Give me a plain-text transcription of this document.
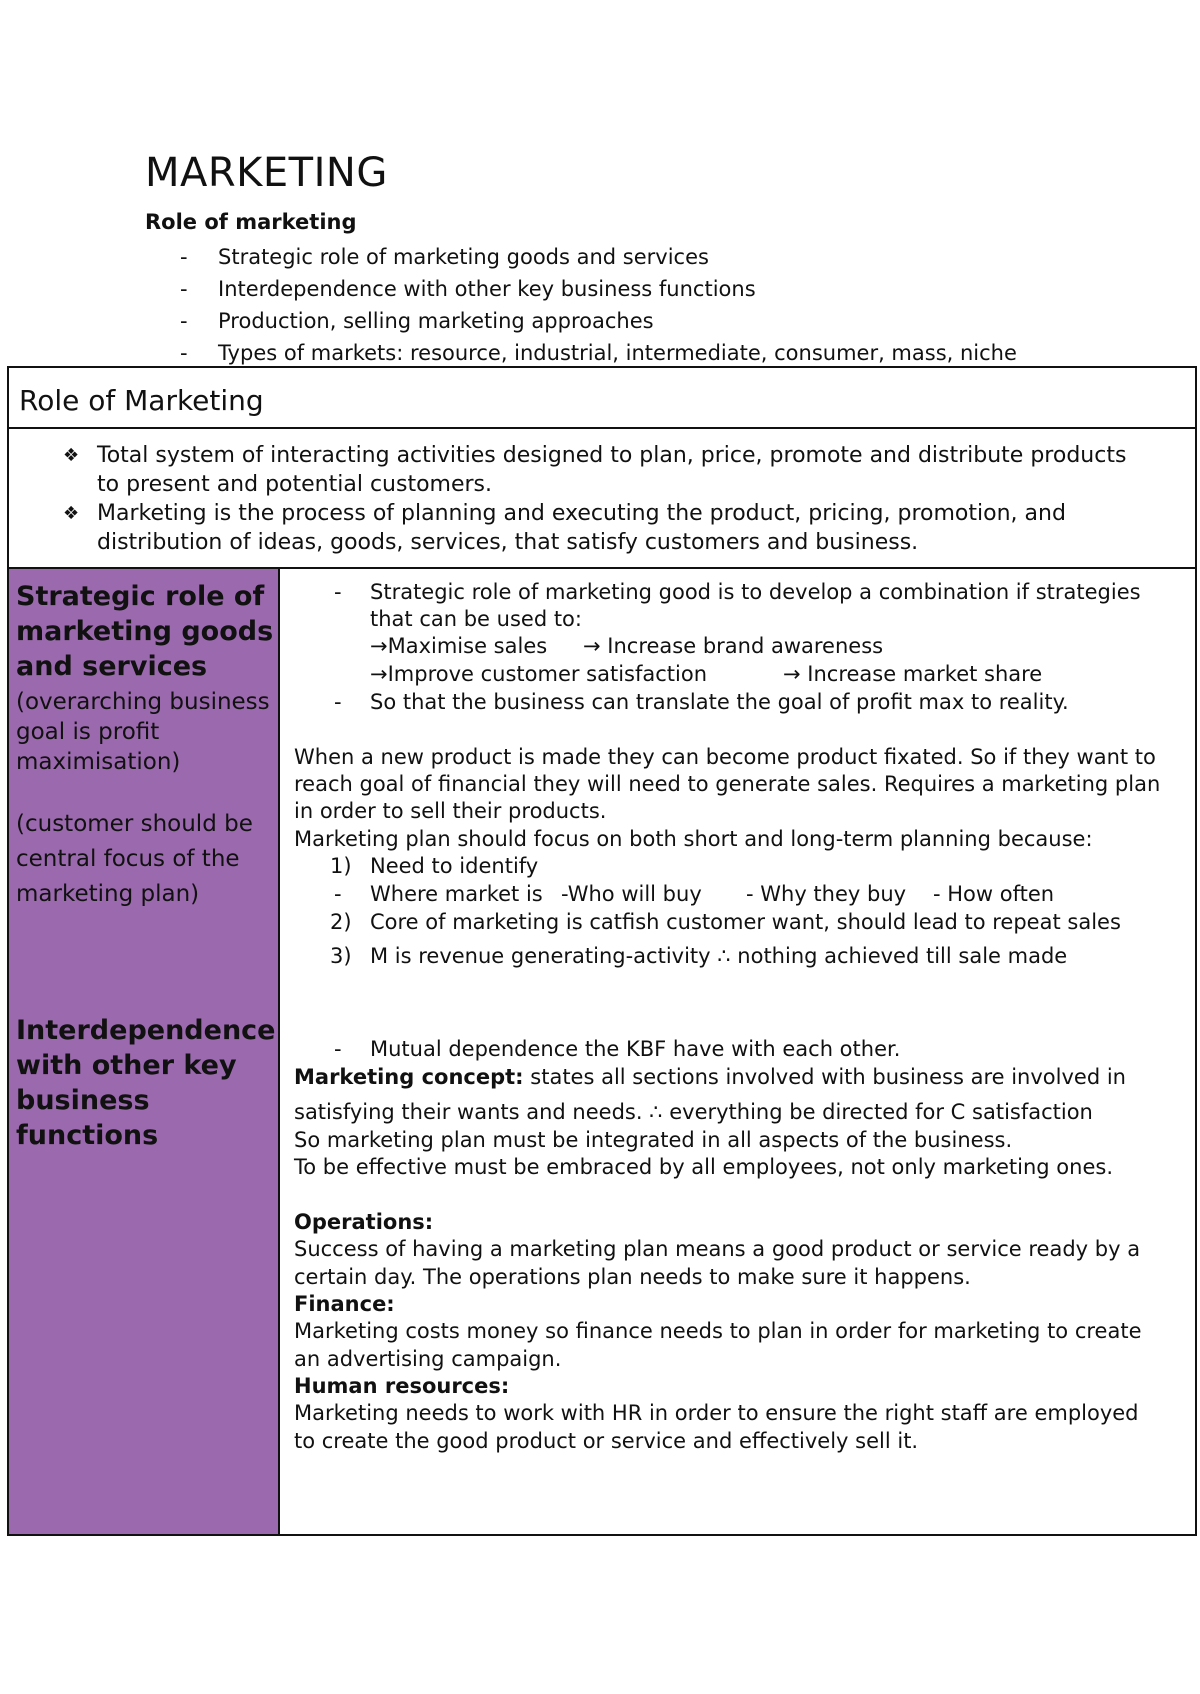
MARKETING
Role of marketing
- Strategic role of marketing goods and services
- Interdependence with other key business functions
- Production, selling marketing approaches
- Types of markets: resource, industrial, intermediate, consumer, mass, niche
Role of Marketing
❖ Total system of interacting activities designed to plan, price, promote and distribute products to present and potential customers.
❖ Marketing is the process of planning and executing the product, pricing, promotion, and distribution of ideas, goods, services, that satisfy customers and business.
Strategic role of marketing goods and services
(overarching business goal is profit maximisation)
(customer should be central focus of the marketing plan)
Interdependence with other key business functions
- Strategic role of marketing good is to develop a combination if strategies
that can be used to:
→Maximise sales → Increase brand awareness
→Improve customer satisfaction	→ Increase market share
- So that the business can translate the goal of profit max to reality.
When a new product is made they can become product fixated. So if they want to
reach goal of financial they will need to generate sales. Requires a marketing plan
in order to sell their products.
Marketing plan should focus on both short and long-term planning because:
1) Need to identify
- Where market is -Who will buy - Why they buy - How often
2) Core of marketing is catfish customer want, should lead to repeat sales
3) M is revenue generating-activity ∴ nothing achieved till sale made
- Mutual dependence the KBF have with each other.
Marketing concept: states all sections involved with business are involved in
satisfying their wants and needs. ∴ everything be directed for C satisfaction
So marketing plan must be integrated in all aspects of the business.
To be effective must be embraced by all employees, not only marketing ones.
Operations:
Success of having a marketing plan means a good product or service ready by a
certain day. The operations plan needs to make sure it happens.
Finance:
Marketing costs money so finance needs to plan in order for marketing to create
an advertising campaign.
Human resources:
Marketing needs to work with HR in order to ensure the right staff are employed
to create the good product or service and effectively sell it.
